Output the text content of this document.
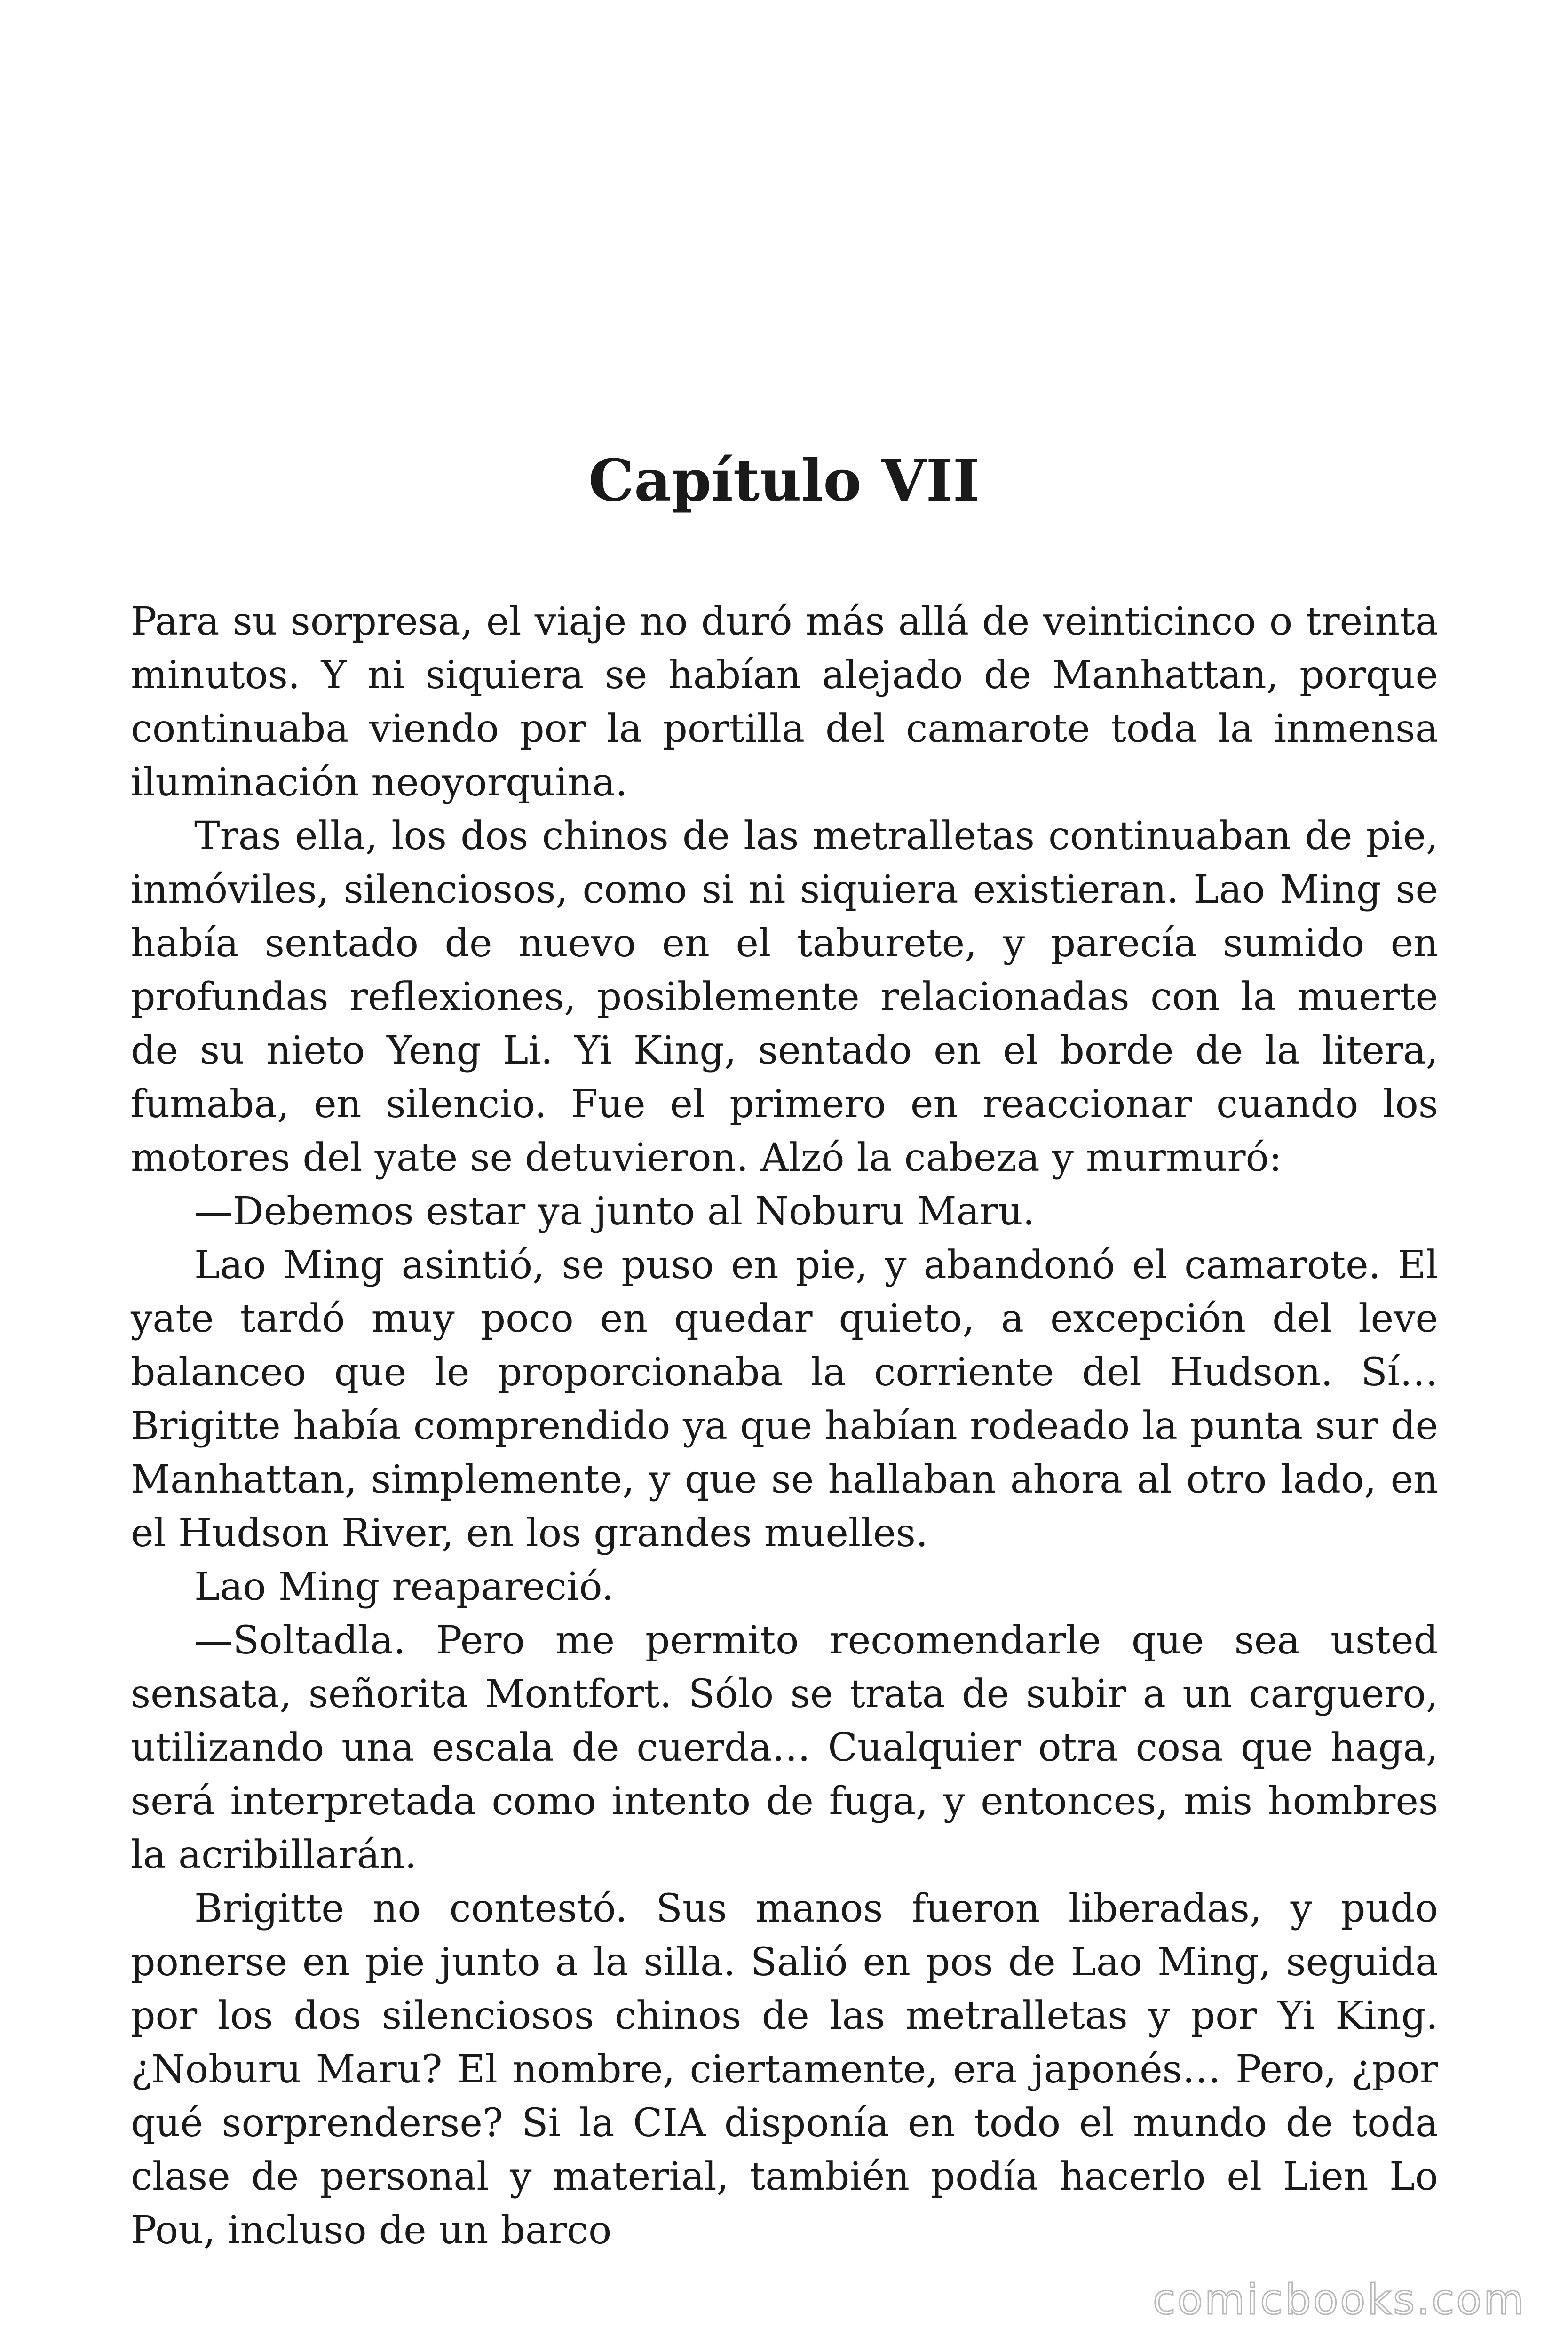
Capítulo VII

Para su sorpresa, el viaje no duró más allá de veinticinco o treinta minutos. Y ni siquiera se habían alejado de Manhattan, porque continuaba viendo por la portilla del camarote toda la inmensa iluminación neoyorquina.

Tras ella, los dos chinos de las metralletas continuaban de pie, inmóviles, silenciosos, como si ni siquiera existieran. Lao Ming se había sentado de nuevo en el taburete, y parecía sumido en profundas reflexiones, posiblemente relacionadas con la muerte de su nieto Yeng Li. Yi King, sentado en el borde de la litera, fumaba, en silencio. Fue el primero en reaccionar cuando los motores del yate se detuvieron. Alzó la cabeza y murmuró:

—Debemos estar ya junto al Noburu Maru.

Lao Ming asintió, se puso en pie, y abandonó el camarote. El yate tardó muy poco en quedar quieto, a excepción del leve balanceo que le proporcionaba la corriente del Hudson. Sí… Brigitte había comprendido ya que habían rodeado la punta sur de Manhattan, simplemente, y que se hallaban ahora al otro lado, en el Hudson River, en los grandes muelles.

Lao Ming reapareció.

—Soltadla. Pero me permito recomendarle que sea usted sensata, señorita Montfort. Sólo se trata de subir a un carguero, utilizando una escala de cuerda… Cualquier otra cosa que haga, será interpretada como intento de fuga, y entonces, mis hombres la acribillarán.

Brigitte no contestó. Sus manos fueron liberadas, y pudo ponerse en pie junto a la silla. Salió en pos de Lao Ming, seguida por los dos silenciosos chinos de las metralletas y por Yi King. ¿Noburu Maru? El nombre, ciertamente, era japonés… Pero, ¿por qué sorprenderse? Si la CIA disponía en todo el mundo de toda clase de personal y material, también podía hacerlo el Lien Lo Pou, incluso de un barco

comicbooks.com
